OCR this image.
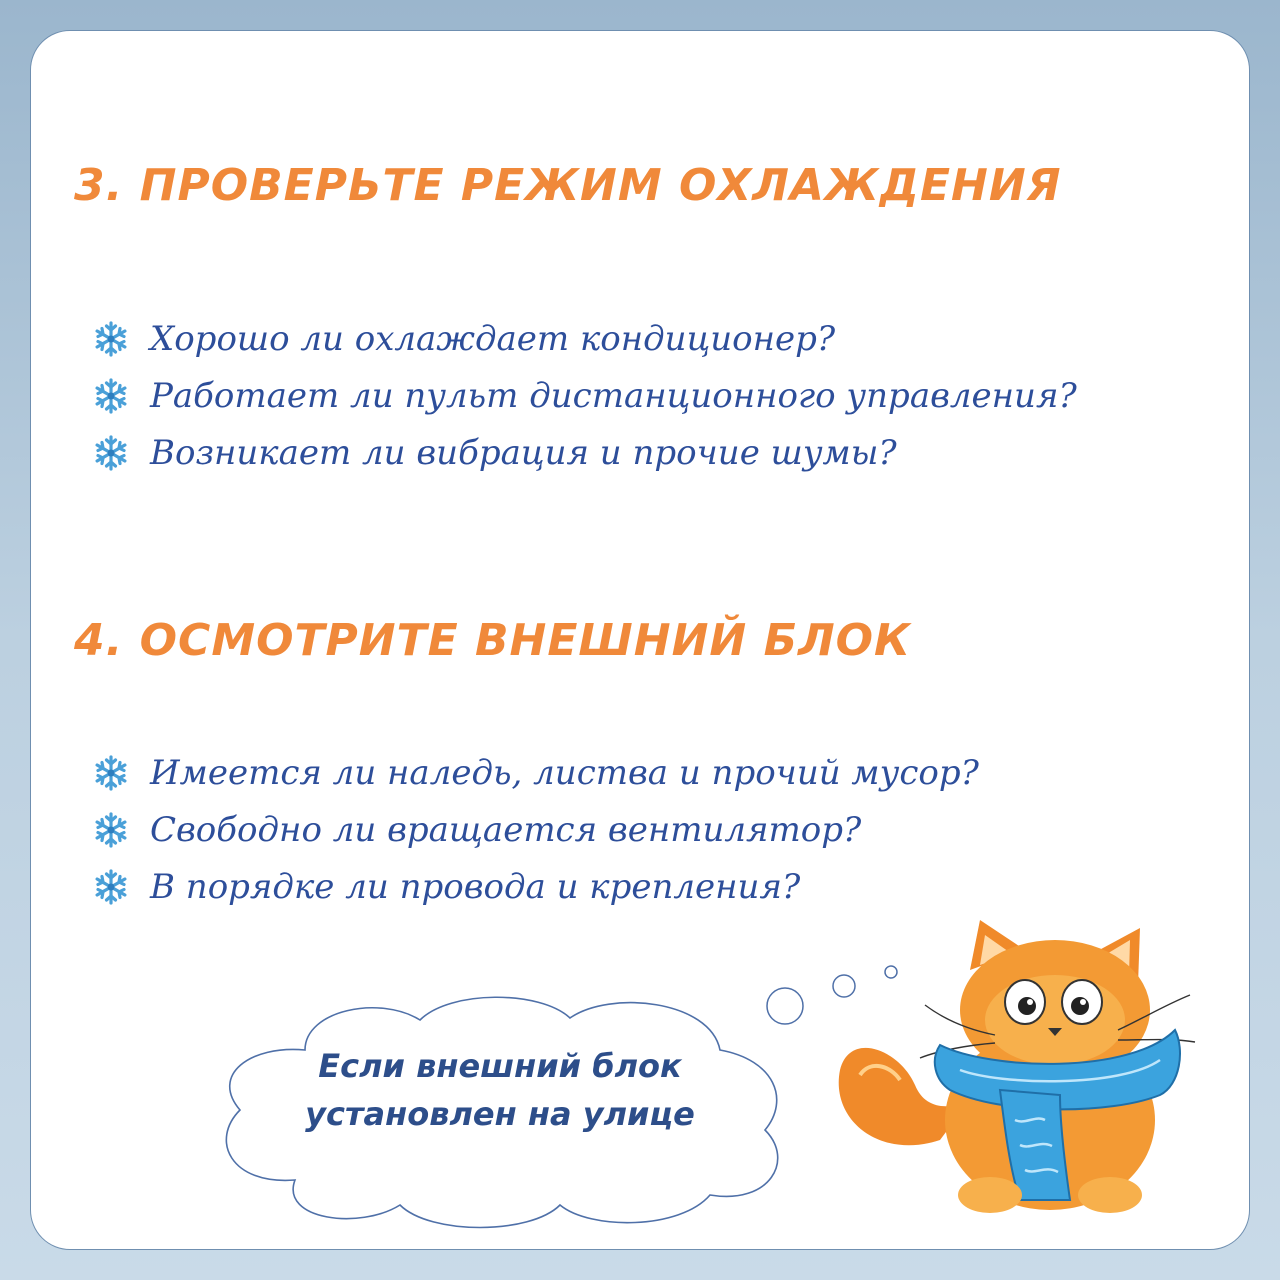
3. ПРОВЕРЬТЕ РЕЖИМ ОХЛАЖДЕНИЯ
Хорошо ли охлаждает кондиционер?
Работает ли пульт дистанционного управления?
Возникает ли вибрация и прочие шумы?
4. ОСМОТРИТЕ ВНЕШНИЙ БЛОК
Имеется ли наледь, листва и прочий мусор?
Свободно ли вращается вентилятор?
В порядке ли провода и крепления?
Если внешний блок
установлен на улице
